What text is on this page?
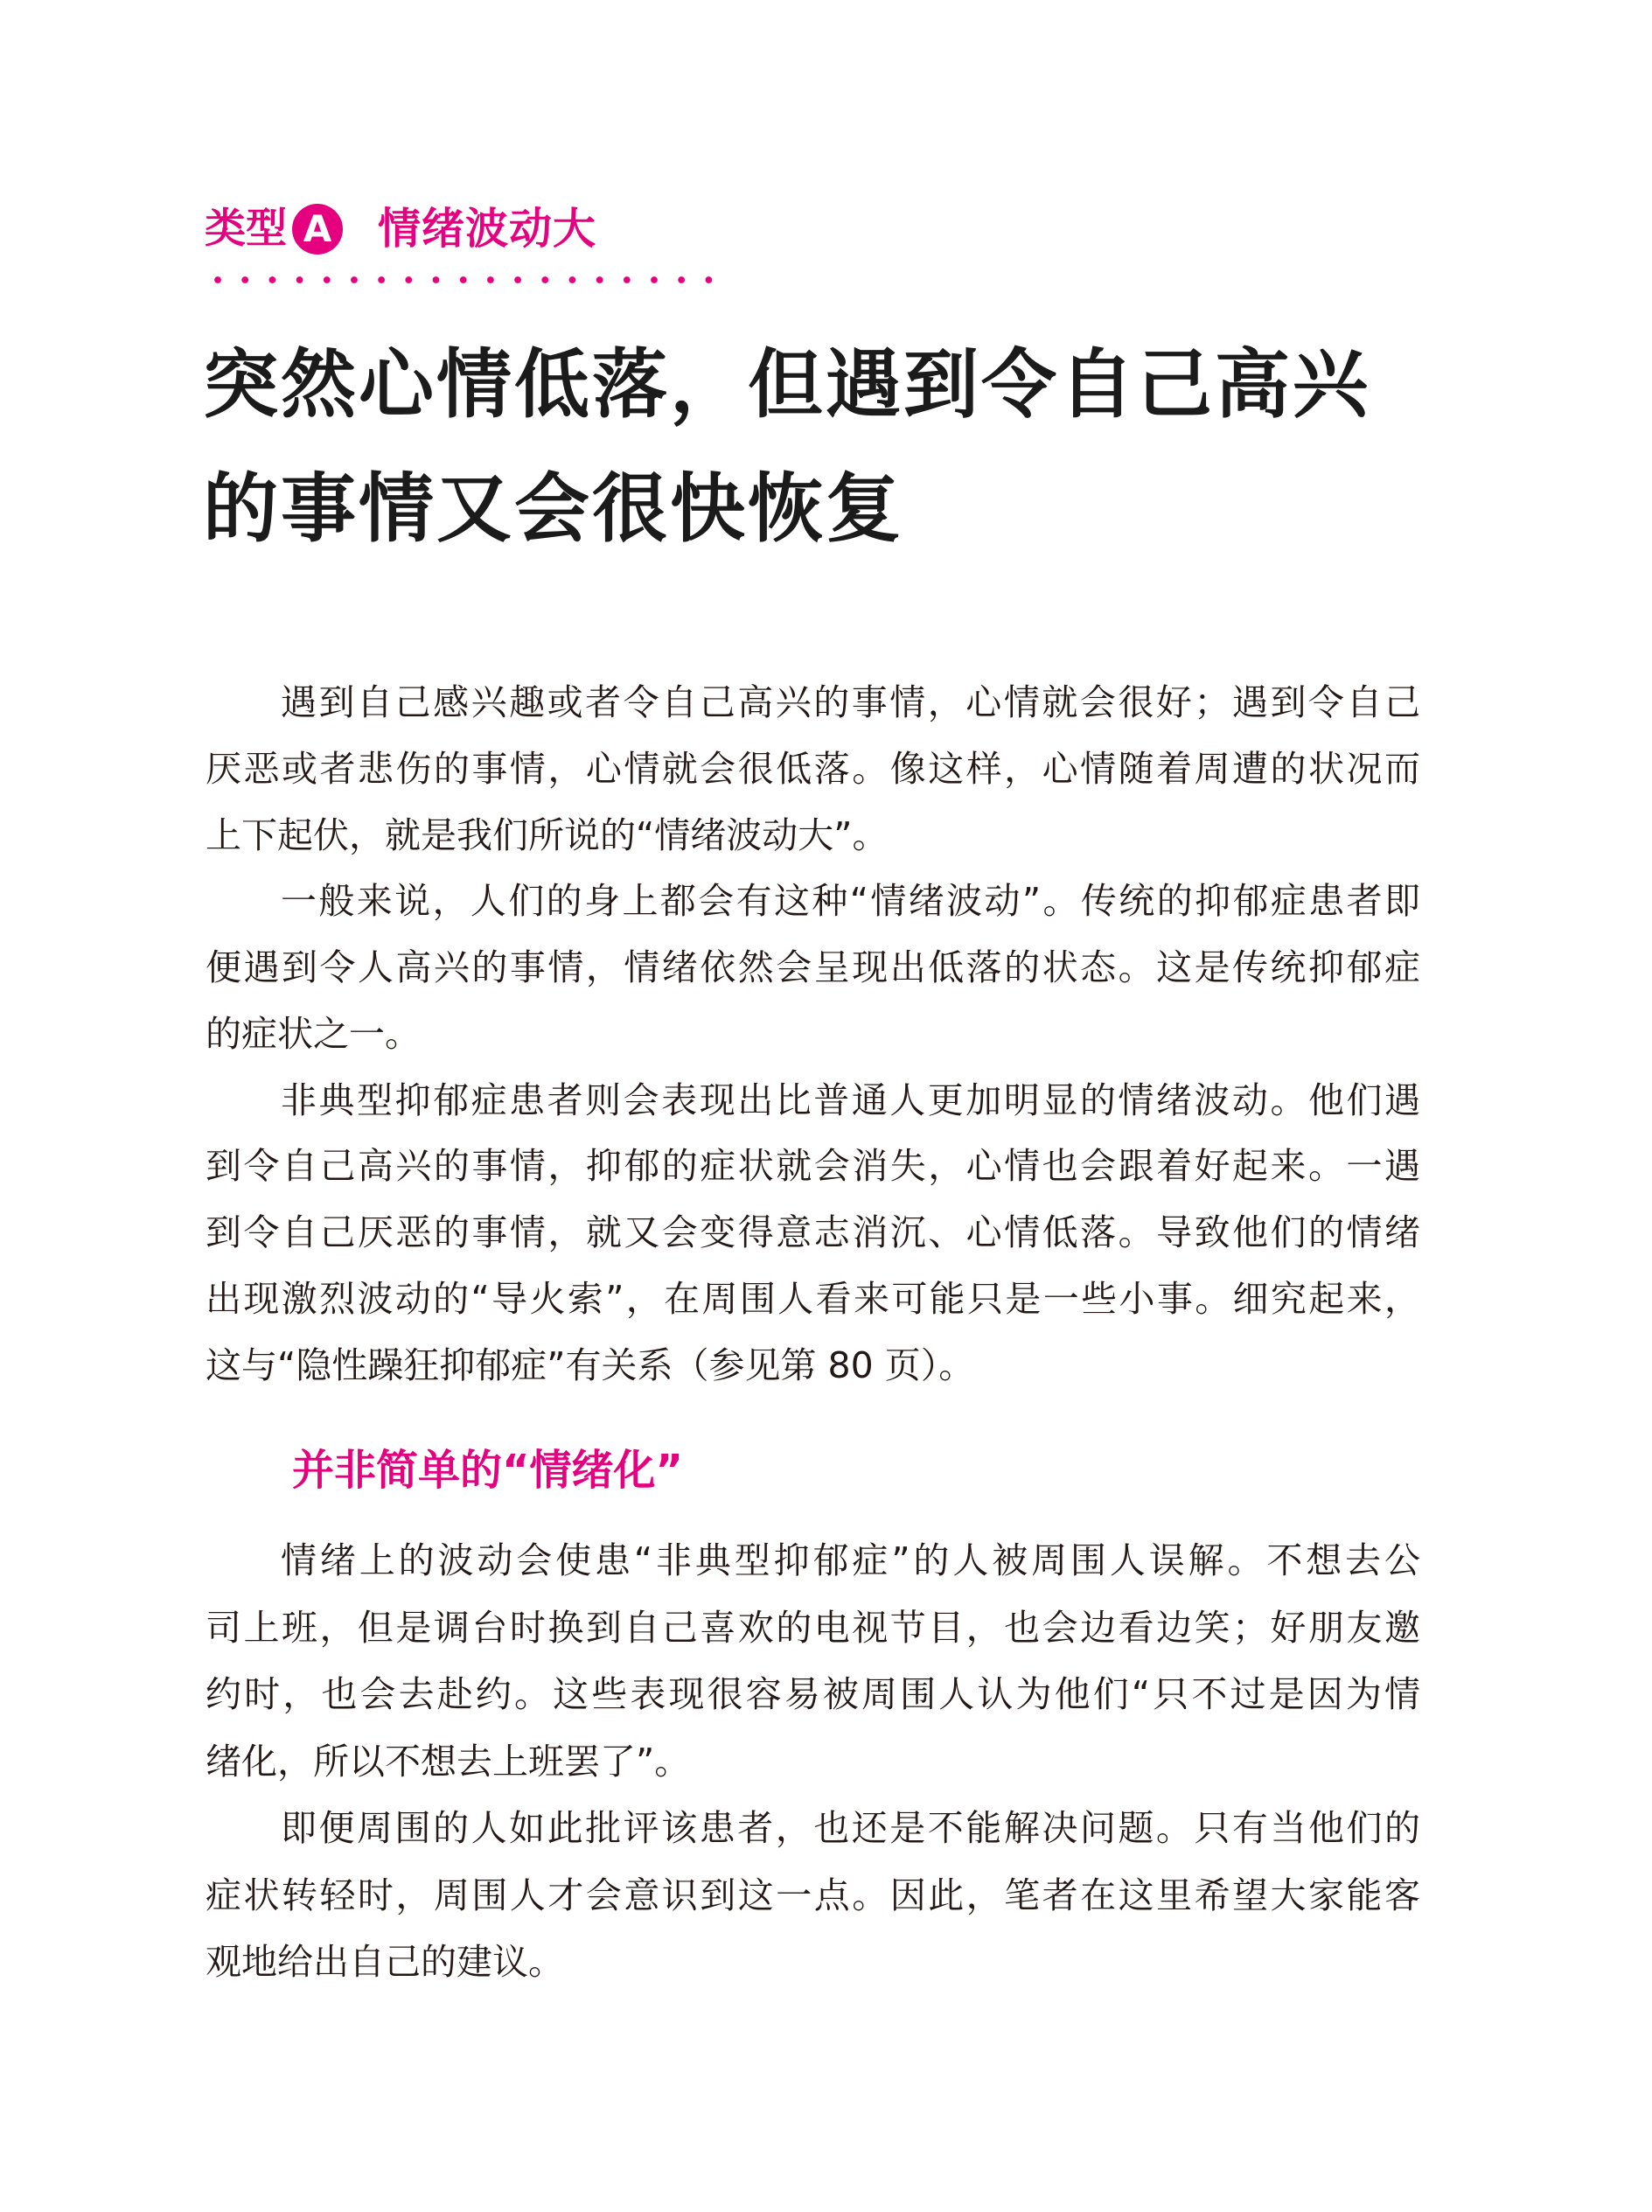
类型 A 情绪波动大
突然心情低落，但遇到令自己高兴
的事情又会很快恢复
遇到自己感兴趣或者令自己高兴的事情，心情就会很好；遇到令自己
厌恶或者悲伤的事情，心情就会很低落。像这样，心情随着周遭的状况而
上下起伏，就是我们所说的“情绪波动大”。
一般来说，人们的身上都会有这种“情绪波动”。传统的抑郁症患者即
便遇到令人高兴的事情，情绪依然会呈现出低落的状态。这是传统抑郁症
的症状之一。
非典型抑郁症患者则会表现出比普通人更加明显的情绪波动。他们遇
到令自己高兴的事情，抑郁的症状就会消失，心情也会跟着好起来。一遇
到令自己厌恶的事情，就又会变得意志消沉、心情低落。导致他们的情绪
出现激烈波动的“导火索”，在周围人看来可能只是一些小事。细究起来，
这与“隐性躁狂抑郁症”有关系（参见第 80 页）。
并非简单的“情绪化”
情绪上的波动会使患“非典型抑郁症”的人被周围人误解。不想去公
司上班，但是调台时换到自己喜欢的电视节目，也会边看边笑；好朋友邀
约时，也会去赴约。这些表现很容易被周围人认为他们“只不过是因为情
绪化，所以不想去上班罢了”。
即便周围的人如此批评该患者，也还是不能解决问题。只有当他们的
症状转轻时，周围人才会意识到这一点。因此，笔者在这里希望大家能客
观地给出自己的建议。
